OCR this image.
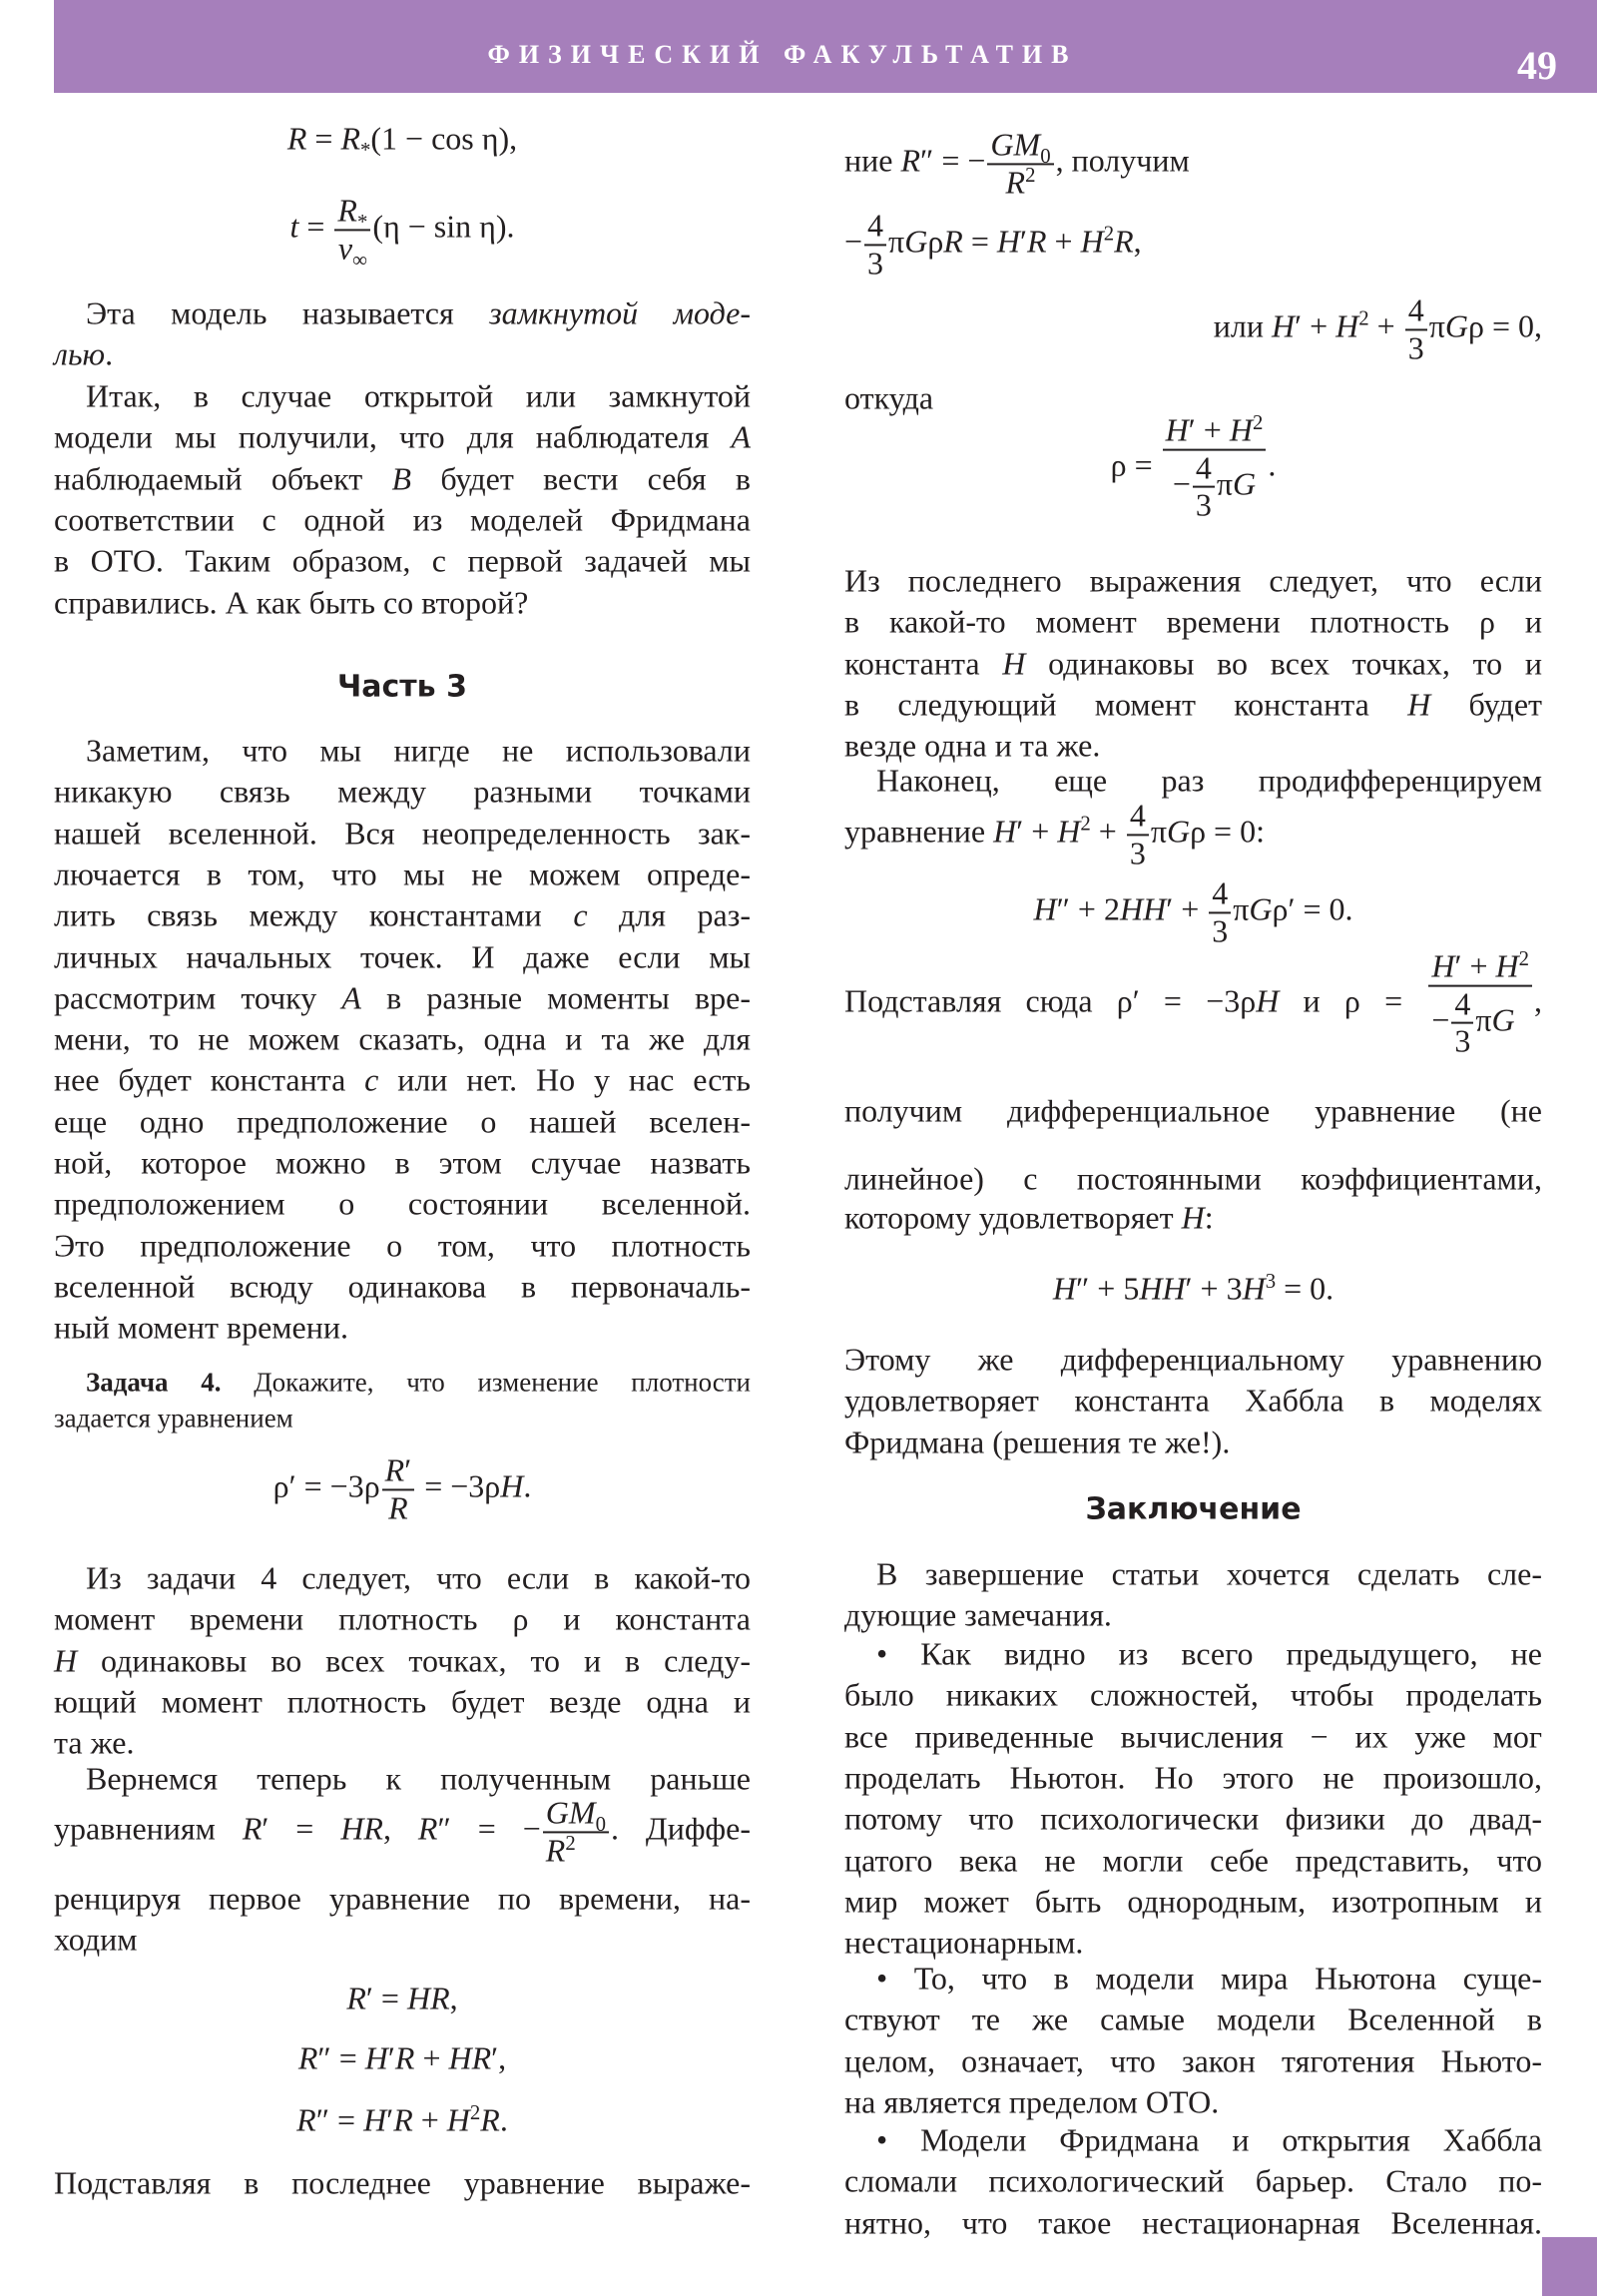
ФИЗИЧЕСКИЙ ФАКУЛЬТАТИВ	49
$R = R_*(1 - \cos \eta)$,
$t = \frac{R_*}{v_\infty} (\eta - \sin \eta)$.
Эта модель называется замкнутой моде-
лью.
Итак, в случае открытой или замкнутой
модели мы получили, что для наблюдателя A
наблюдаемый объект B будет вести себя в
соответствии с одной из моделей Фридмана
в ОТО. Таким образом, с первой задачей мы
справились. А как быть со второй?
Часть 3
Заметим, что мы нигде не использовали
никакую связь между разными точками
нашей вселенной. Вся неопределенность зак-
лючается в том, что мы не можем опреде-
лить связь между константами c для раз-
личных начальных точек. И даже если мы
рассмотрим точку A в разные моменты вре-
мени, то не можем сказать, одна и та же для
нее будет константа c или нет. Но у нас есть
еще одно предположение о нашей вселен-
ной, которое можно в этом случае назвать
предположением о состоянии вселенной.
Это предположение о том, что плотность
вселенной всюду одинакова в первоначаль-
ный момент времени.
Задача 4. Докажите, что изменение плотности
задается уравнением
$\rho' = -3\rho \frac{R'}{R} = -3\rho H$.
Из задачи 4 следует, что если в какой-то
момент времени плотность ρ и константа
H одинаковы во всех точках, то и в следу-
ющий момент плотность будет везде одна и
та же.
Вернемся теперь к полученным раньше
уравнениям R′ = HR, R″ = − $\frac{GM_0}{R^2}$ . Диффе-
ренцируя первое уравнение по времени, на-
ходим
R′ = HR,
R″ = H′R + HR′,
$R'' = H'R + H^2R$.
Подставляя в последнее уравнение выраже-
ние R″ = − $\frac{GM_0}{R^2}$ , получим
− $\frac{4}{3}$ $\pi G\rho R = H'R + H^2R$,
или $H' + H^2 + \frac{4}{3}$ πGρ = 0,
откуда
$\rho = \frac{H' + H^2}{- \frac{4}{3} \pi G}$ .
Из последнего выражения следует, что если
в какой-то момент времени плотность ρ и
константа H одинаковы во всех точках, то и
в следующий момент константа H будет
везде одна и та же.
Наконец, еще раз продифференцируем
уравнение $H' + H^2 + \frac{4}{3}$ πGρ = 0:
$H'' + 2HH' + \frac{4}{3} \pi G\rho' = 0$.
Подставляя сюда ρ′ = −3ρH и $\rho = \frac{H' + H^2}{- \frac{4}{3} \pi G}$ ,
получим дифференциальное уравнение (не
линейное) с постоянными коэффициентами,
которому удовлетворяет H:
$H'' + 5HH' + 3H^3 = 0$.
Этому же дифференциальному уравнению
удовлетворяет константа Хаббла в моделях
Фридмана (решения те же!).
Заключение
В завершение статьи хочется сделать сле-
дующие замечания.
• Как видно из всего предыдущего, не
было никаких сложностей, чтобы проделать
все приведенные вычисления − их уже мог
проделать Ньютон. Но этого не произошло,
потому что психологически физики до двад-
цатого века не могли себе представить, что
мир может быть однородным, изотропным и
нестационарным.
• То, что в модели мира Ньютона суще-
ствуют те же самые модели Вселенной в
целом, означает, что закон тяготения Ньюто-
на является пределом ОТО.
• Модели Фридмана и открытия Хаббла
сломали психологический барьер. Стало по-
нятно, что такое нестационарная Вселенная.
